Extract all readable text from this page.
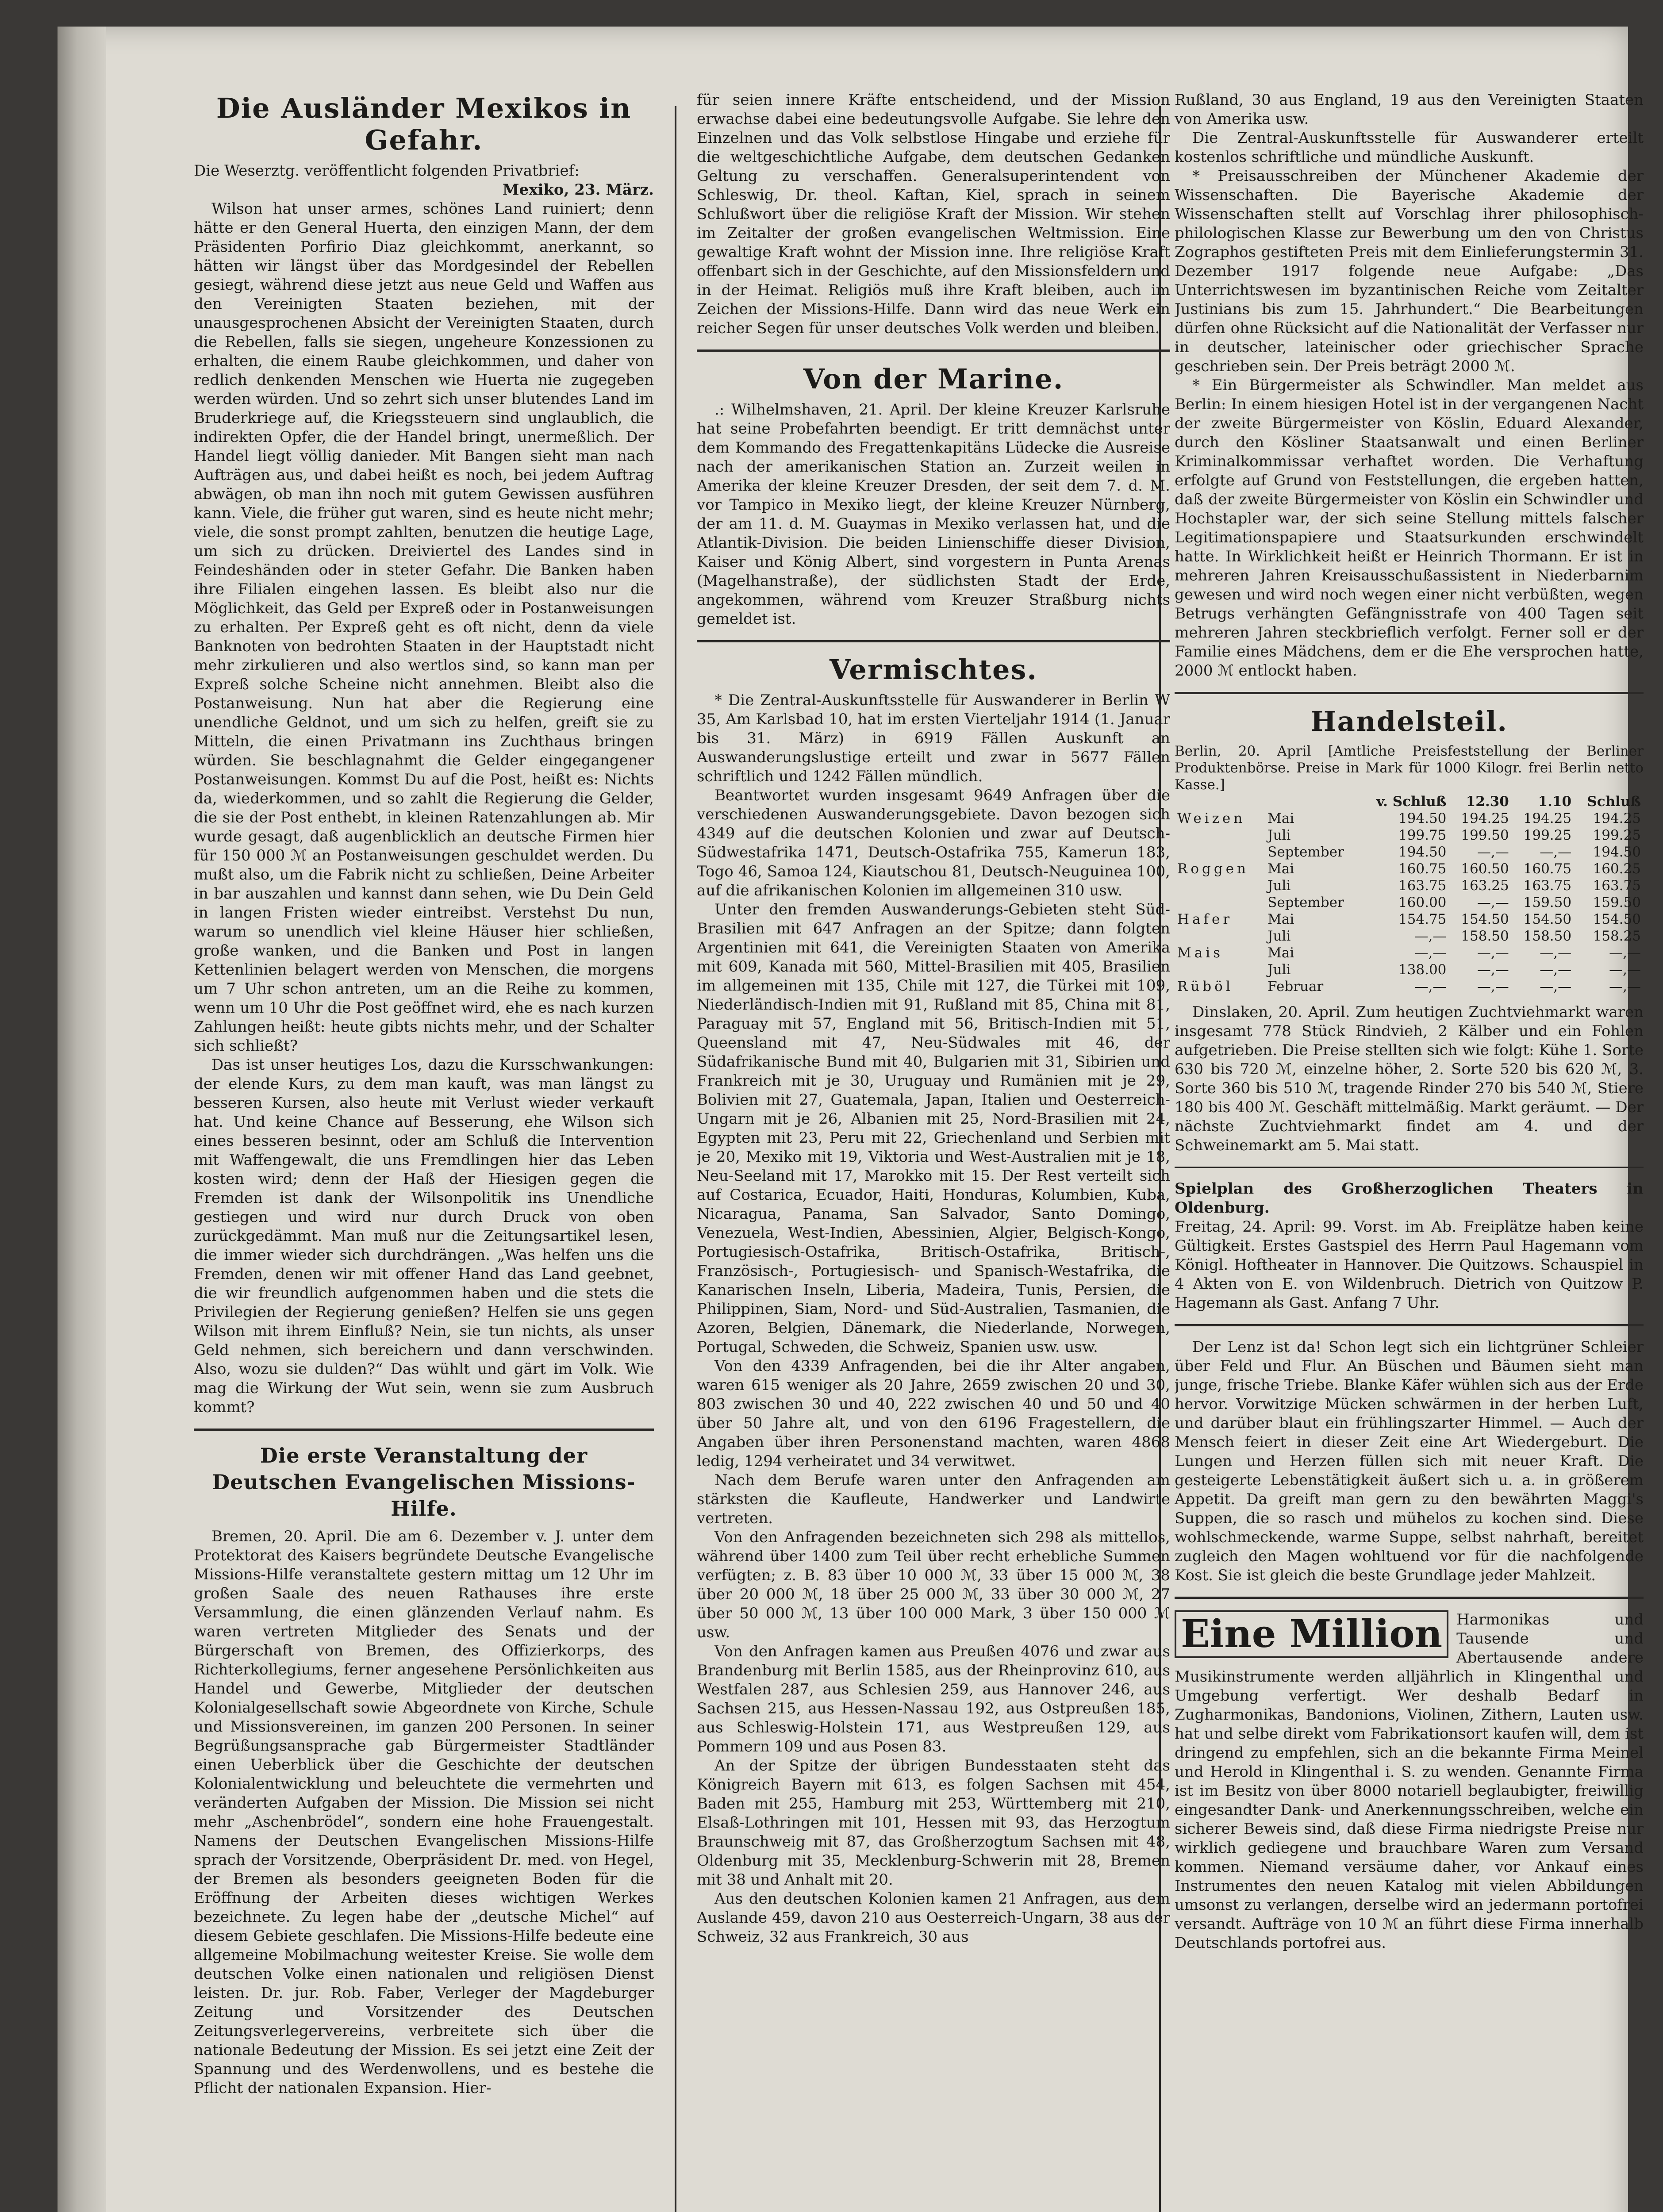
Die Ausländer Mexikos in Gefahr.

Die Weserztg. veröffentlicht folgenden Privatbrief:

Mexiko, 23. März.

Wilson hat unser armes, schönes Land ruiniert; denn hätte er den General Huerta, den einzigen Mann, der dem Präsidenten Porfirio Diaz gleichkommt, anerkannt, so hätten wir längst über das Mordgesindel der Rebellen gesiegt, während diese jetzt aus neue Geld und Waffen aus den Vereinigten Staaten beziehen, mit der unausgesprochenen Absicht der Vereinigten Staaten, durch die Rebellen, falls sie siegen, ungeheure Konzessionen zu erhalten, die einem Raube gleichkommen, und daher von redlich denkenden Menschen wie Huerta nie zugegeben werden würden. Und so zehrt sich unser blutendes Land im Bruderkriege auf, die Kriegssteuern sind unglaublich, die indirekten Opfer, die der Handel bringt, unermeßlich. Der Handel liegt völlig danieder. Mit Bangen sieht man nach Aufträgen aus, und dabei heißt es noch, bei jedem Auftrag abwägen, ob man ihn noch mit gutem Gewissen ausführen kann. Viele, die früher gut waren, sind es heute nicht mehr; viele, die sonst prompt zahlten, benutzen die heutige Lage, um sich zu drücken. Dreiviertel des Landes sind in Feindeshänden oder in steter Gefahr. Die Banken haben ihre Filialen eingehen lassen. Es bleibt also nur die Möglichkeit, das Geld per Expreß oder in Postanweisungen zu erhalten. Per Expreß geht es oft nicht, denn da viele Banknoten von bedrohten Staaten in der Hauptstadt nicht mehr zirkulieren und also wertlos sind, so kann man per Expreß solche Scheine nicht annehmen. Bleibt also die Postanweisung. Nun hat aber die Regierung eine unendliche Geldnot, und um sich zu helfen, greift sie zu Mitteln, die einen Privatmann ins Zuchthaus bringen würden. Sie beschlagnahmt die Gelder eingegangener Postanweisungen. Kommst Du auf die Post, heißt es: Nichts da, wiederkommen, und so zahlt die Regierung die Gelder, die sie der Post enthebt, in kleinen Ratenzahlungen ab. Mir wurde gesagt, daß augenblicklich an deutsche Firmen hier für 150 000 ℳ an Postanweisungen geschuldet werden. Du mußt also, um die Fabrik nicht zu schließen, Deine Arbeiter in bar auszahlen und kannst dann sehen, wie Du Dein Geld in langen Fristen wieder eintreibst. Verstehst Du nun, warum so unendlich viel kleine Häuser hier schließen, große wanken, und die Banken und Post in langen Kettenlinien belagert werden von Menschen, die morgens um 7 Uhr schon antreten, um an die Reihe zu kommen, wenn um 10 Uhr die Post geöffnet wird, ehe es nach kurzen Zahlungen heißt: heute gibts nichts mehr, und der Schalter sich schließt?

Das ist unser heutiges Los, dazu die Kursschwankungen: der elende Kurs, zu dem man kauft, was man längst zu besseren Kursen, also heute mit Verlust wieder verkauft hat. Und keine Chance auf Besserung, ehe Wilson sich eines besseren besinnt, oder am Schluß die Intervention mit Waffengewalt, die uns Fremdlingen hier das Leben kosten wird; denn der Haß der Hiesigen gegen die Fremden ist dank der Wilsonpolitik ins Unendliche gestiegen und wird nur durch Druck von oben zurückgedämmt. Man muß nur die Zeitungsartikel lesen, die immer wieder sich durchdrängen. „Was helfen uns die Fremden, denen wir mit offener Hand das Land geebnet, die wir freundlich aufgenommen haben und die stets die Privilegien der Regierung genießen? Helfen sie uns gegen Wilson mit ihrem Einfluß? Nein, sie tun nichts, als unser Geld nehmen, sich bereichern und dann verschwinden. Also, wozu sie dulden?“ Das wühlt und gärt im Volk. Wie mag die Wirkung der Wut sein, wenn sie zum Ausbruch kommt?

Die erste Veranstaltung der Deutschen Evangelischen Missions-Hilfe.

Bremen, 20. April. Die am 6. Dezember v. J. unter dem Protektorat des Kaisers begründete Deutsche Evangelische Missions-Hilfe veranstaltete gestern mittag um 12 Uhr im großen Saale des neuen Rathauses ihre erste Versammlung, die einen glänzenden Verlauf nahm. Es waren vertreten Mitglieder des Senats und der Bürgerschaft von Bremen, des Offizierkorps, des Richterkollegiums, ferner angesehene Persönlichkeiten aus Handel und Gewerbe, Mitglieder der deutschen Kolonialgesellschaft sowie Abgeordnete von Kirche, Schule und Missionsvereinen, im ganzen 200 Personen. In seiner Begrüßungsansprache gab Bürgermeister Stadtländer einen Ueberblick über die Geschichte der deutschen Kolonialentwicklung und beleuchtete die vermehrten und veränderten Aufgaben der Mission. Die Mission sei nicht mehr „Aschenbrödel“, sondern eine hohe Frauengestalt. Namens der Deutschen Evangelischen Missions-Hilfe sprach der Vorsitzende, Oberpräsident Dr. med. von Hegel, der Bremen als besonders geeigneten Boden für die Eröffnung der Arbeiten dieses wichtigen Werkes bezeichnete. Zu legen habe der „deutsche Michel“ auf diesem Gebiete geschlafen. Die Missions-Hilfe bedeute eine allgemeine Mobilmachung weitester Kreise. Sie wolle dem deutschen Volke einen nationalen und religiösen Dienst leisten. Dr. jur. Rob. Faber, Verleger der Magdeburger Zeitung und Vorsitzender des Deutschen Zeitungsverlegervereins, verbreitete sich über die nationale Bedeutung der Mission. Es sei jetzt eine Zeit der Spannung und des Werdenwollens, und es bestehe die Pflicht der nationalen Expansion. Hier-

für seien innere Kräfte entscheidend, und der Mission erwachse dabei eine bedeutungsvolle Aufgabe. Sie lehre den Einzelnen und das Volk selbstlose Hingabe und erziehe für die weltgeschichtliche Aufgabe, dem deutschen Gedanken Geltung zu verschaffen. Generalsuperintendent von Schleswig, Dr. theol. Kaftan, Kiel, sprach in seinem Schlußwort über die religiöse Kraft der Mission. Wir stehen im Zeitalter der großen evangelischen Weltmission. Eine gewaltige Kraft wohnt der Mission inne. Ihre religiöse Kraft offenbart sich in der Geschichte, auf den Missionsfeldern und in der Heimat. Religiös muß ihre Kraft bleiben, auch im Zeichen der Missions-Hilfe. Dann wird das neue Werk ein reicher Segen für unser deutsches Volk werden und bleiben.

Von der Marine.

.: Wilhelmshaven, 21. April. Der kleine Kreuzer Karlsruhe hat seine Probefahrten beendigt. Er tritt demnächst unter dem Kommando des Fregattenkapitäns Lüdecke die Ausreise nach der amerikanischen Station an. Zurzeit weilen in Amerika der kleine Kreuzer Dresden, der seit dem 7. d. M. vor Tampico in Mexiko liegt, der kleine Kreuzer Nürnberg, der am 11. d. M. Guaymas in Mexiko verlassen hat, und die Atlantik-Division. Die beiden Linienschiffe dieser Division, Kaiser und König Albert, sind vorgestern in Punta Arenas (Magelhanstraße), der südlichsten Stadt der Erde, angekommen, während vom Kreuzer Straßburg nichts gemeldet ist.

Vermischtes.

* Die Zentral-Auskunftsstelle für Auswanderer in Berlin W 35, Am Karlsbad 10, hat im ersten Vierteljahr 1914 (1. Januar bis 31. März) in 6919 Fällen Auskunft an Auswanderungslustige erteilt und zwar in 5677 Fällen schriftlich und 1242 Fällen mündlich.

Beantwortet wurden insgesamt 9649 Anfragen über die verschiedenen Auswanderungsgebiete. Davon bezogen sich 4349 auf die deutschen Kolonien und zwar auf Deutsch-Südwestafrika 1471, Deutsch-Ostafrika 755, Kamerun 183, Togo 46, Samoa 124, Kiautschou 81, Deutsch-Neuguinea 100, auf die afrikanischen Kolonien im allgemeinen 310 usw.

Unter den fremden Auswanderungs-Gebieten steht Süd-Brasilien mit 647 Anfragen an der Spitze; dann folgten Argentinien mit 641, die Vereinigten Staaten von Amerika mit 609, Kanada mit 560, Mittel-Brasilien mit 405, Brasilien im allgemeinen mit 135, Chile mit 127, die Türkei mit 109, Niederländisch-Indien mit 91, Rußland mit 85, China mit 81, Paraguay mit 57, England mit 56, Britisch-Indien mit 51, Queensland mit 47, Neu-Südwales mit 46, der Südafrikanische Bund mit 40, Bulgarien mit 31, Sibirien und Frankreich mit je 30, Uruguay und Rumänien mit je 29, Bolivien mit 27, Guatemala, Japan, Italien und Oesterreich-Ungarn mit je 26, Albanien mit 25, Nord-Brasilien mit 24, Egypten mit 23, Peru mit 22, Griechenland und Serbien mit je 20, Mexiko mit 19, Viktoria und West-Australien mit je 18, Neu-Seeland mit 17, Marokko mit 15. Der Rest verteilt sich auf Costarica, Ecuador, Haiti, Honduras, Kolumbien, Kuba, Nicaragua, Panama, San Salvador, Santo Domingo, Venezuela, West-Indien, Abessinien, Algier, Belgisch-Kongo, Portugiesisch-Ostafrika, Britisch-Ostafrika, Britisch-, Französisch-, Portugiesisch- und Spanisch-Westafrika, die Kanarischen Inseln, Liberia, Madeira, Tunis, Persien, die Philippinen, Siam, Nord- und Süd-Australien, Tasmanien, die Azoren, Belgien, Dänemark, die Niederlande, Norwegen, Portugal, Schweden, die Schweiz, Spanien usw. usw.

Von den 4339 Anfragenden, bei die ihr Alter angaben, waren 615 weniger als 20 Jahre, 2659 zwischen 20 und 30, 803 zwischen 30 und 40, 222 zwischen 40 und 50 und 40 über 50 Jahre alt, und von den 6196 Fragestellern, die Angaben über ihren Personenstand machten, waren 4868 ledig, 1294 verheiratet und 34 verwitwet.

Nach dem Berufe waren unter den Anfragenden am stärksten die Kaufleute, Handwerker und Landwirte vertreten.

Von den Anfragenden bezeichneten sich 298 als mittellos, während über 1400 zum Teil über recht erhebliche Summen verfügten; z. B. 83 über 10 000 ℳ, 33 über 15 000 ℳ, 38 über 20 000 ℳ, 18 über 25 000 ℳ, 33 über 30 000 ℳ, 27 über 50 000 ℳ, 13 über 100 000 Mark, 3 über 150 000 ℳ usw.

Von den Anfragen kamen aus Preußen 4076 und zwar aus Brandenburg mit Berlin 1585, aus der Rheinprovinz 610, aus Westfalen 287, aus Schlesien 259, aus Hannover 246, aus Sachsen 215, aus Hessen-Nassau 192, aus Ostpreußen 185, aus Schleswig-Holstein 171, aus Westpreußen 129, aus Pommern 109 und aus Posen 83.

An der Spitze der übrigen Bundesstaaten steht das Königreich Bayern mit 613, es folgen Sachsen mit 454, Baden mit 255, Hamburg mit 253, Württemberg mit 210, Elsaß-Lothringen mit 101, Hessen mit 93, das Herzogtum Braunschweig mit 87, das Großherzogtum Sachsen mit 48, Oldenburg mit 35, Mecklenburg-Schwerin mit 28, Bremen mit 38 und Anhalt mit 20.

Aus den deutschen Kolonien kamen 21 Anfragen, aus dem Auslande 459, davon 210 aus Oesterreich-Ungarn, 38 aus der Schweiz, 32 aus Frankreich, 30 aus

Rußland, 30 aus England, 19 aus den Vereinigten Staaten von Amerika usw.

Die Zentral-Auskunftsstelle für Auswanderer erteilt kostenlos schriftliche und mündliche Auskunft.

* Preisausschreiben der Münchener Akademie der Wissenschaften. Die Bayerische Akademie der Wissenschaften stellt auf Vorschlag ihrer philosophisch-philologischen Klasse zur Bewerbung um den von Christus Zographos gestifteten Preis mit dem Einlieferungstermin 31. Dezember 1917 folgende neue Aufgabe: „Das Unterrichtswesen im byzantinischen Reiche vom Zeitalter Justinians bis zum 15. Jahrhundert.“ Die Bearbeitungen dürfen ohne Rücksicht auf die Nationalität der Verfasser nur in deutscher, lateinischer oder griechischer Sprache geschrieben sein. Der Preis beträgt 2000 ℳ.

* Ein Bürgermeister als Schwindler. Man meldet aus Berlin: In einem hiesigen Hotel ist in der vergangenen Nacht der zweite Bürgermeister von Köslin, Eduard Alexander, durch den Kösliner Staatsanwalt und einen Berliner Kriminalkommissar verhaftet worden. Die Verhaftung erfolgte auf Grund von Feststellungen, die ergeben hatten, daß der zweite Bürgermeister von Köslin ein Schwindler und Hochstapler war, der sich seine Stellung mittels falscher Legitimationspapiere und Staatsurkunden erschwindelt hatte. In Wirklichkeit heißt er Heinrich Thormann. Er ist in mehreren Jahren Kreisausschußassistent in Niederbarnim gewesen und wird noch wegen einer nicht verbüßten, wegen Betrugs verhängten Gefängnisstrafe von 400 Tagen seit mehreren Jahren steckbrieflich verfolgt. Ferner soll er der Familie eines Mädchens, dem er die Ehe versprochen hatte, 2000 ℳ entlockt haben.

Handelsteil.

Berlin, 20. April [Amtliche Preisfeststellung der Berliner Produktenbörse. Preise in Mark für 1000 Kilogr. frei Berlin netto Kasse.]

		v. Schluß	12.30	1.10	Schluß
Weizen	Mai	194.50	194.25	194.25	194.25
	Juli	199.75	199.50	199.25	199.25
	September	194.50	—,—	—,—	194.50
Roggen	Mai	160.75	160.50	160.75	160.25
	Juli	163.75	163.25	163.75	163.75
	September	160.00	—,—	159.50	159.50
Hafer	Mai	154.75	154.50	154.50	154.50
	Juli	—,—	158.50	158.50	158.25
Mais	Mai	—,—	—,—	—,—	—,—
	Juli	138.00	—,—	—,—	—,—
Rüböl	Februar	—,—	—,—	—,—	—,—

Dinslaken, 20. April. Zum heutigen Zuchtviehmarkt waren insgesamt 778 Stück Rindvieh, 2 Kälber und ein Fohlen aufgetrieben. Die Preise stellten sich wie folgt: Kühe 1. Sorte 630 bis 720 ℳ, einzelne höher, 2. Sorte 520 bis 620 ℳ, 3. Sorte 360 bis 510 ℳ, tragende Rinder 270 bis 540 ℳ, Stiere 180 bis 400 ℳ. Geschäft mittelmäßig. Markt geräumt. — Der nächste Zuchtviehmarkt findet am 4. und der Schweinemarkt am 5. Mai statt.

Spielplan des Großherzoglichen Theaters in Oldenburg.

Freitag, 24. April: 99. Vorst. im Ab. Freiplätze haben keine Gültigkeit. Erstes Gastspiel des Herrn Paul Hagemann vom Königl. Hoftheater in Hannover. Die Quitzows. Schauspiel in 4 Akten von E. von Wildenbruch. Dietrich von Quitzow P. Hagemann als Gast. Anfang 7 Uhr.

Der Lenz ist da! Schon legt sich ein lichtgrüner Schleier über Feld und Flur. An Büschen und Bäumen sieht man junge, frische Triebe. Blanke Käfer wühlen sich aus der Erde hervor. Vorwitzige Mücken schwärmen in der herben Luft, und darüber blaut ein frühlingszarter Himmel. — Auch der Mensch feiert in dieser Zeit eine Art Wiedergeburt. Die Lungen und Herzen füllen sich mit neuer Kraft. Die gesteigerte Lebenstätigkeit äußert sich u. a. in größerem Appetit. Da greift man gern zu den bewährten Maggi's Suppen, die so rasch und mühelos zu kochen sind. Diese wohlschmeckende, warme Suppe, selbst nahrhaft, bereitet zugleich den Magen wohltuend vor für die nachfolgende Kost. Sie ist gleich die beste Grundlage jeder Mahlzeit.

Eine Million Harmonikas und Tausende und Abertausende andere Musikinstrumente werden alljährlich in Klingenthal und Umgebung verfertigt. Wer deshalb Bedarf in Zugharmonikas, Bandonions, Violinen, Zithern, Lauten usw. hat und selbe direkt vom Fabrikationsort kaufen will, dem ist dringend zu empfehlen, sich an die bekannte Firma Meinel und Herold in Klingenthal i. S. zu wenden. Genannte Firma ist im Besitz von über 8000 notariell beglaubigter, freiwillig eingesandter Dank- und Anerkennungsschreiben, welche ein sicherer Beweis sind, daß diese Firma niedrigste Preise nur wirklich gediegene und brauchbare Waren zum Versand kommen. Niemand versäume daher, vor Ankauf eines Instrumentes den neuen Katalog mit vielen Abbildungen umsonst zu verlangen, derselbe wird an jedermann portofrei versandt. Aufträge von 10 ℳ an führt diese Firma innerhalb Deutschlands portofrei aus.
